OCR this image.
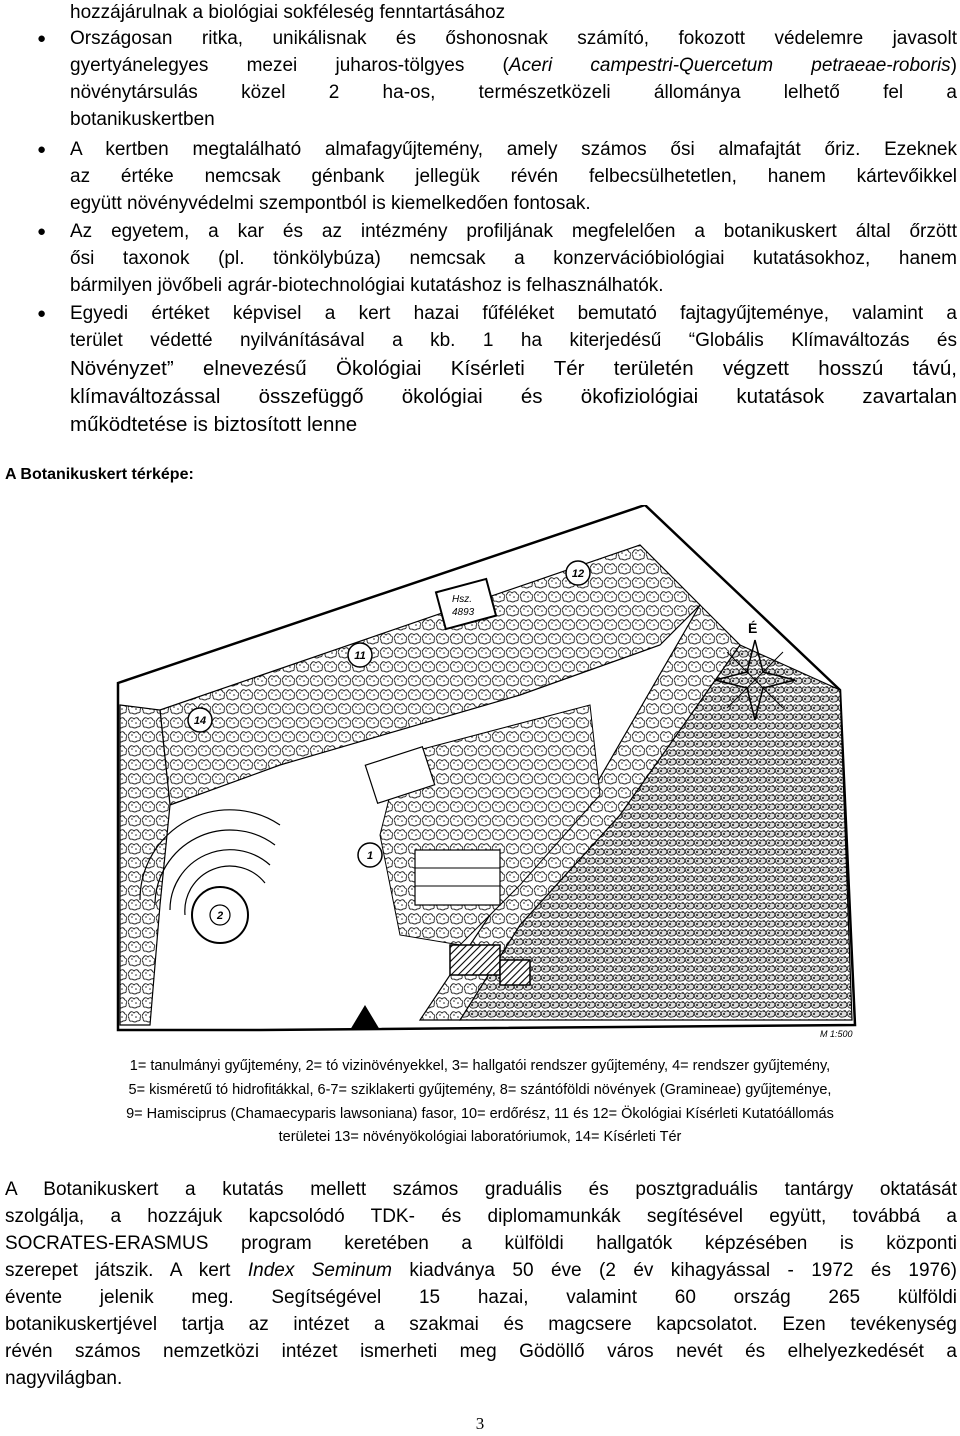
hozzájárulnak a biológiai sokféleség fenntartásához
● Országosan ritka, unikálisnak és őshonosnak számító, fokozott védelemre javasolt
gyertyánelegyes mezei juharos-tölgyes (Aceri campestri-Quercetum petraeae-roboris)
növénytársulás közel 2 ha-os, természetközeli állománya lelhető fel a
botanikuskertben
● A kertben megtalálható almafagyűjtemény, amely számos ősi almafajtát őriz. Ezeknek
az értéke nemcsak génbank jellegük révén felbecsülhetetlen, hanem kártevőikkel
együtt növényvédelmi szempontból is kiemelkedően fontosak.
● Az egyetem, a kar és az intézmény profiljának megfelelően a botanikuskert által őrzött
ősi taxonok (pl. tönkölybúza) nemcsak a konzervációbiológiai kutatásokhoz, hanem
bármilyen jövőbeli agrár-biotechnológiai kutatáshoz is felhasználhatók.
● Egyedi értéket képvisel a kert hazai fűféléket bemutató fajtagyűjteménye, valamint a
terület védetté nyilvánításával a kb. 1 ha kiterjedésű “Globális Klímaváltozás és
Növényzet” elnevezésű Ökológiai Kísérleti Tér területén végzett hosszú távú,
klímaváltozással összefüggő ökológiai és ökofiziológiai kutatások zavartalan
működtetése is biztosított lenne
A Botanikuskert térképe:
Hsz.
4893
12
11
14
1
2
É
M 1:500
1= tanulmányi gyűjtemény, 2= tó vizinövényekkel, 3= hallgatói rendszer gyűjtemény, 4= rendszer gyűjtemény,
5= kisméretű tó hidrofitákkal, 6-7= sziklakerti gyűjtemény, 8= szántóföldi növények (Gramineae) gyűjteménye,
9= Hamisciprus (Chamaecyparis lawsoniana) fasor, 10= erdőrész, 11 és 12= Ökológiai Kísérleti Kutatóállomás
területei 13= növényökológiai laboratóriumok, 14= Kísérleti Tér
A Botanikuskert a kutatás mellett számos graduális és posztgraduális tantárgy oktatását
szolgálja, a hozzájuk kapcsolódó TDK- és diplomamunkák segítésével együtt, továbbá a
SOCRATES-ERASMUS program keretében a külföldi hallgatók képzésében is központi
szerepet játszik. A kert Index Seminum kiadványa 50 éve (2 év kihagyással - 1972 és 1976)
évente jelenik meg. Segítségével 15 hazai, valamint 60 ország 265 külföldi
botanikuskertjével tartja az intézet a szakmai és magcsere kapcsolatot. Ezen tevékenység
révén számos nemzetközi intézet ismerheti meg Gödöllő város nevét és elhelyezkedését a
nagyvilágban.
3
